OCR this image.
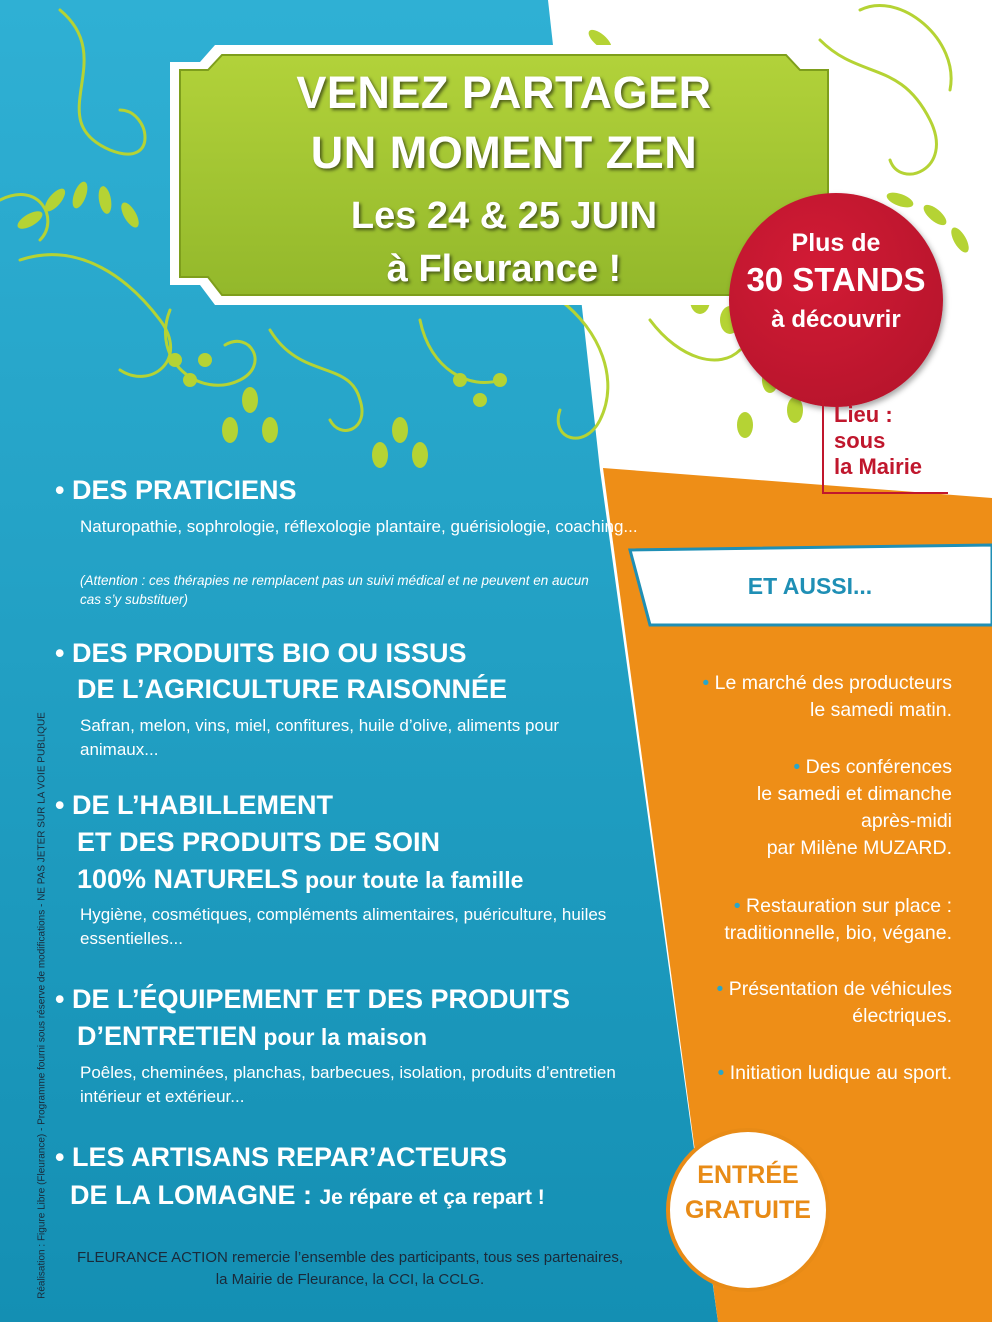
VENEZ PARTAGER
UN MOMENT ZEN
Les 24 & 25 JUIN
à Fleurance !
Plus de
30 STANDS
à découvrir
Lieu :
sous
la Mairie
• DES PRATICIENS
Naturopathie, sophrologie, réflexologie plantaire, guérisiologie, coaching...
(Attention : ces thérapies ne remplacent pas un suivi médical et ne peuvent en aucun cas s’y substituer)
• DES PRODUITS BIO OU ISSUS
DE L’AGRICULTURE RAISONNÉE
Safran, melon, vins, miel, confitures, huile d’olive, aliments pour animaux...
• DE L’HABILLEMENT
ET DES PRODUITS DE SOIN
100% NATURELS pour toute la famille
Hygiène, cosmétiques, compléments alimentaires, puériculture, huiles essentielles...
• DE L’ÉQUIPEMENT ET DES PRODUITS
D’ENTRETIEN pour la maison
Poêles, cheminées, planchas, barbecues, isolation, produits d’entretien intérieur et extérieur...
• LES ARTISANS REPAR’ACTEURS
DE LA LOMAGNE : Je répare et ça repart !
ET AUSSI...
• Le marché des producteurs
le samedi matin.
• Des conférences
le samedi et dimanche
après-midi
par Milène MUZARD.
• Restauration sur place :
traditionnelle, bio, végane.
• Présentation de véhicules
électriques.
• Initiation ludique au sport.
ENTRÉE
GRATUITE
FLEURANCE ACTION remercie l’ensemble des participants, tous ses partenaires,
la Mairie de Fleurance, la CCI, la CCLG.
Réalisation : Figure Libre (Fleurance) - Programme fourni sous réserve de modifications - NE PAS JETER SUR LA VOIE PUBLIQUE
